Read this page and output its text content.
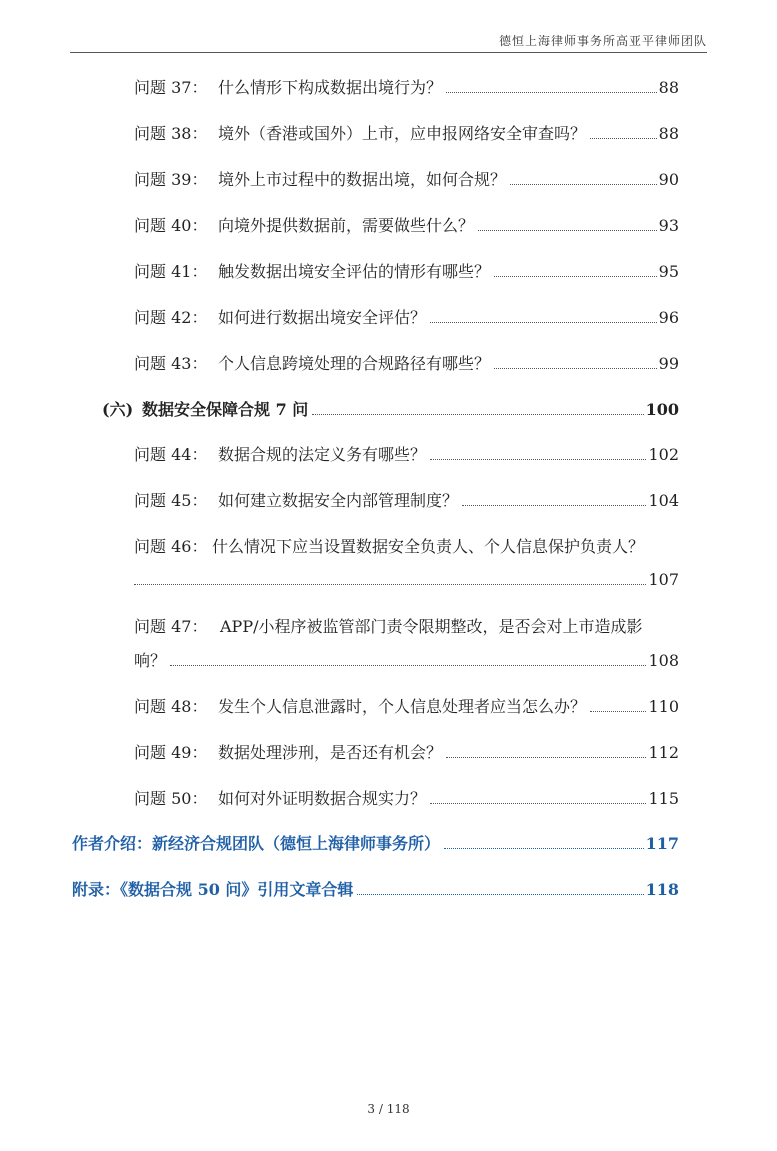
德恒上海律师事务所高亚平律师团队
问题 37： 什么情形下构成数据出境行为？	88
问题 38： 境外（香港或国外）上市，应申报网络安全审查吗？	88
问题 39： 境外上市过程中的数据出境，如何合规？	90
问题 40： 向境外提供数据前，需要做些什么？	93
问题 41： 触发数据出境安全评估的情形有哪些？	95
问题 42： 如何进行数据出境安全评估？	96
问题 43： 个人信息跨境处理的合规路径有哪些？	99
(六) 数据安全保障合规 7 问	100
问题 44： 数据合规的法定义务有哪些？	102
问题 45： 如何建立数据安全内部管理制度？	104
问题 46： 什么情况下应当设置数据安全负责人、个人信息保护负责人？
107
问题 47： APP/小程序被监管部门责令限期整改，是否会对上市造成影
响？	108
问题 48： 发生个人信息泄露时，个人信息处理者应当怎么办？	110
问题 49： 数据处理涉刑，是否还有机会？	112
问题 50： 如何对外证明数据合规实力？	115
作者介绍：新经济合规团队（德恒上海律师事务所）	117
附录：《数据合规 50 问》引用文章合辑	118
3 / 118
